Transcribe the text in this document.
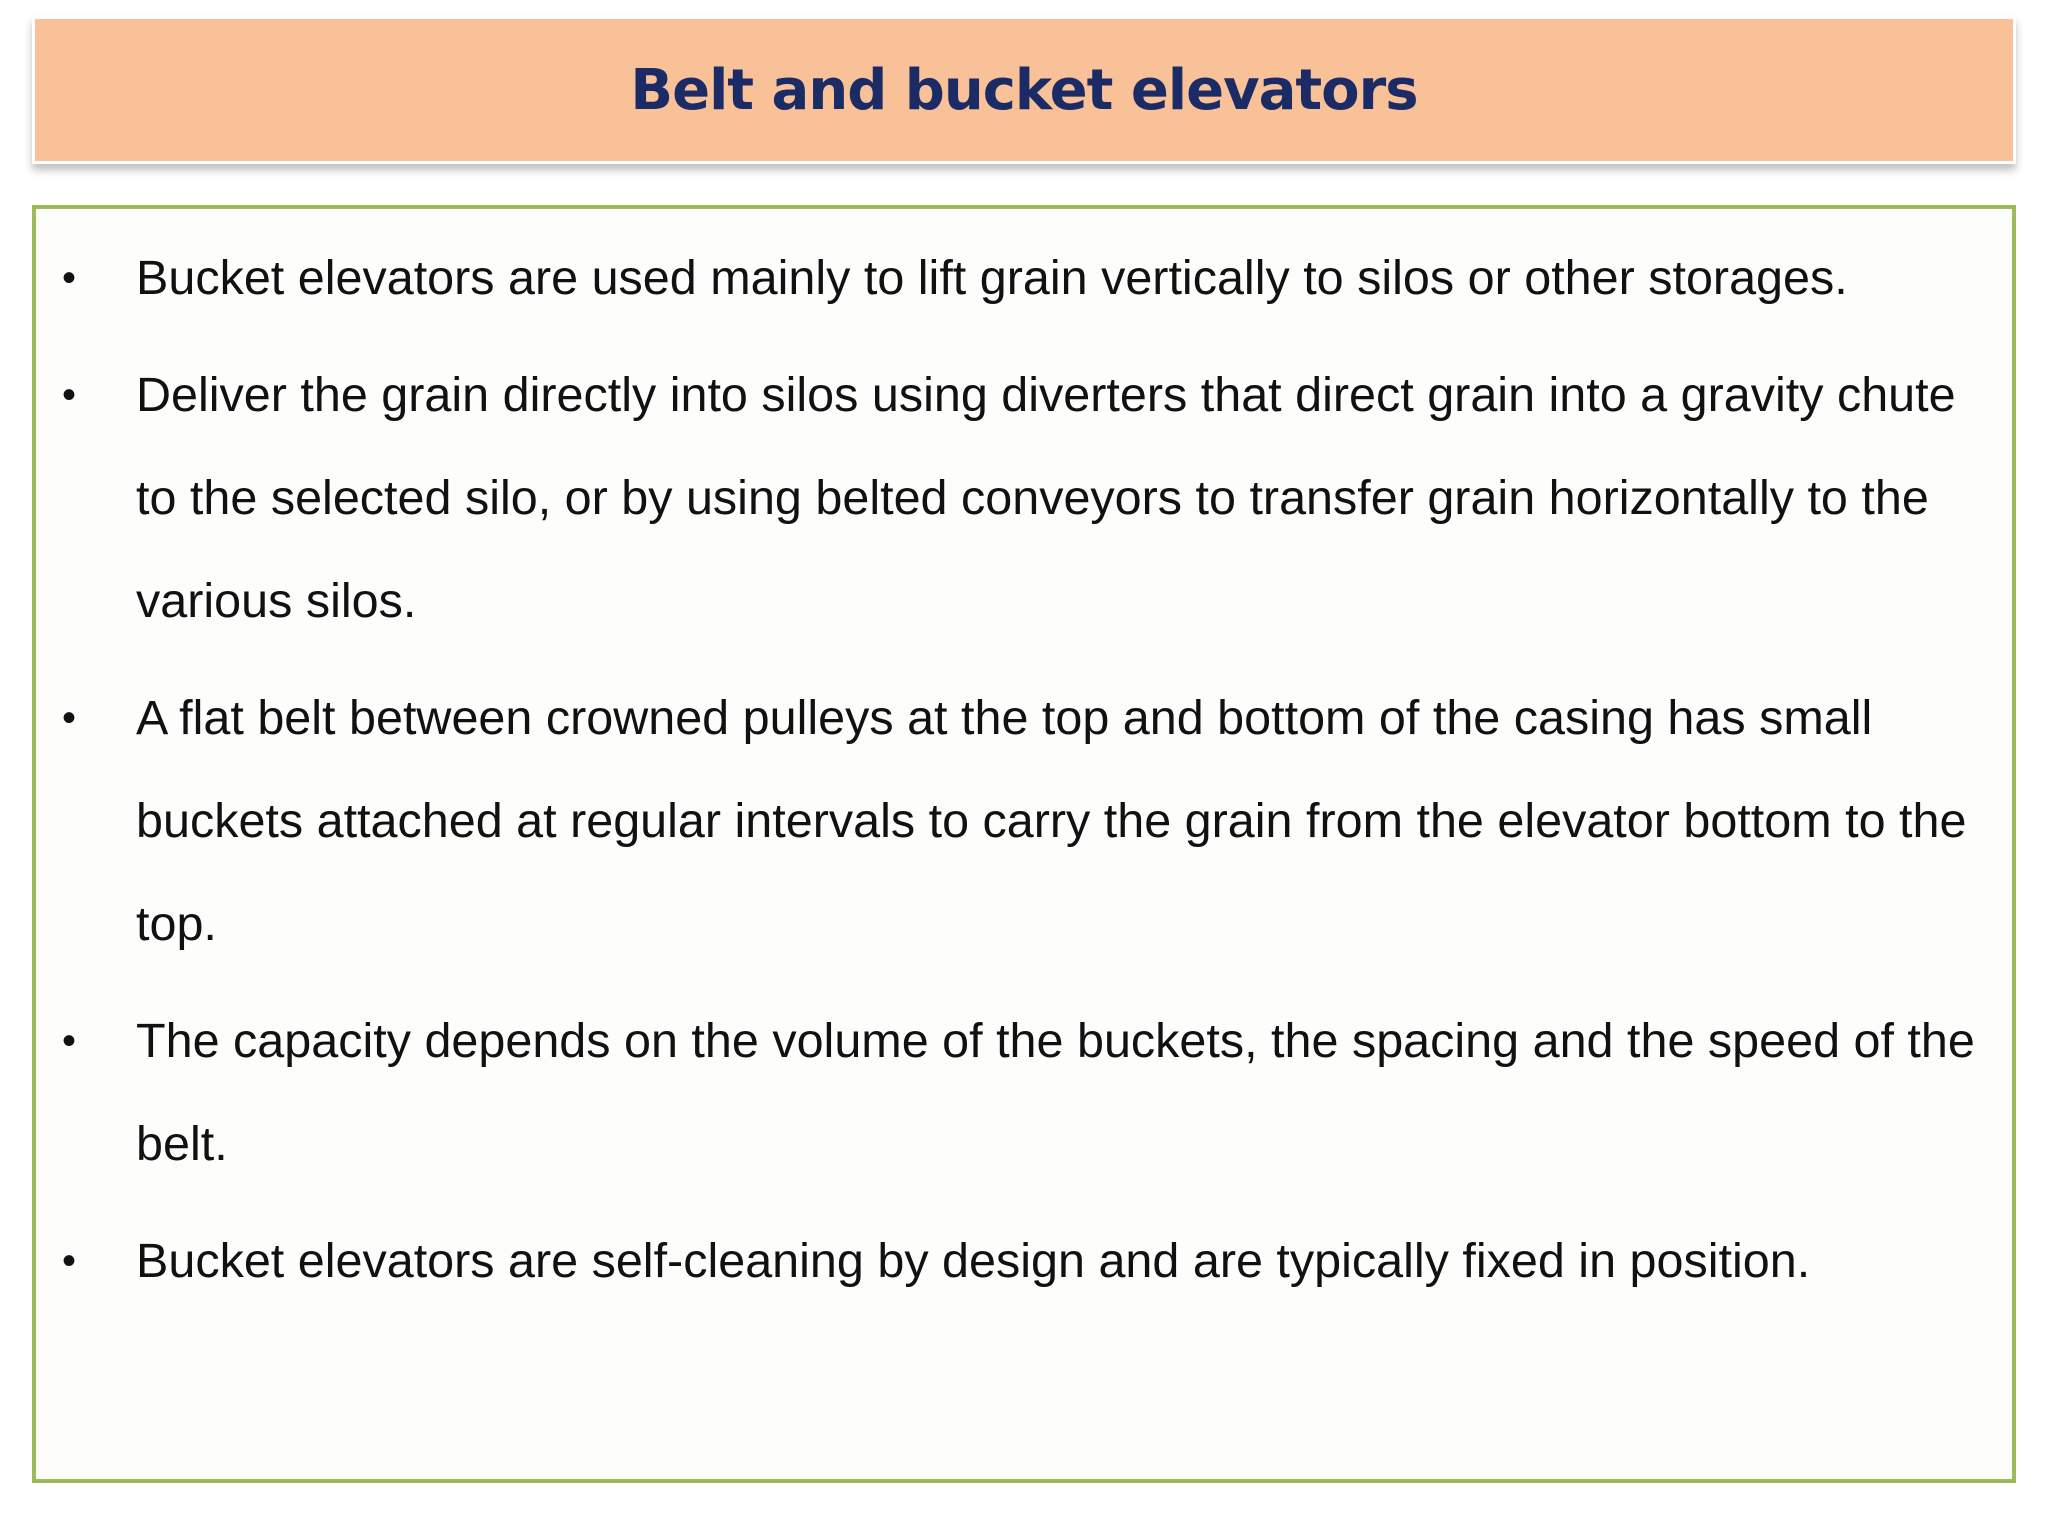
Belt and bucket elevators
• Bucket elevators are used mainly to lift grain vertically to silos or other storages.
• Deliver the grain directly into silos using diverters that direct grain into a gravity chute to the selected silo, or by using belted conveyors to transfer grain horizontally to the various silos.
• A flat belt between crowned pulleys at the top and bottom of the casing has small buckets attached at regular intervals to carry the grain from the elevator bottom to the top.
• The capacity depends on the volume of the buckets, the spacing and the speed of the belt.
• Bucket elevators are self-cleaning by design and are typically fixed in position.
